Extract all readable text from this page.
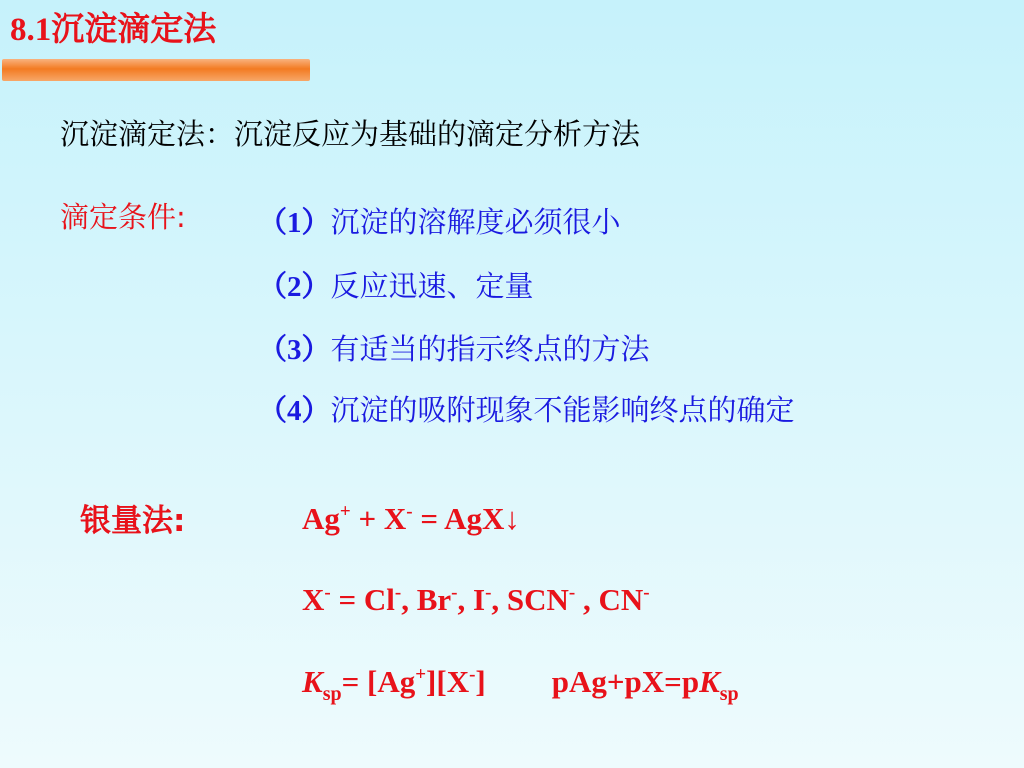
8.1沉淀滴定法
沉淀滴定法：沉淀反应为基础的滴定分析方法
滴定条件: （1）沉淀的溶解度必须很小
（2）反应迅速、定量
（3）有适当的指示终点的方法
（4）沉淀的吸附现象不能影响终点的确定
银量法:	Ag+ + X- = AgX↓
X- = Cl-, Br-, I-, SCN- , CN-
$K_{sp}= [Ag^+][X^-]$ $pAg+pX=pK_{sp}$
